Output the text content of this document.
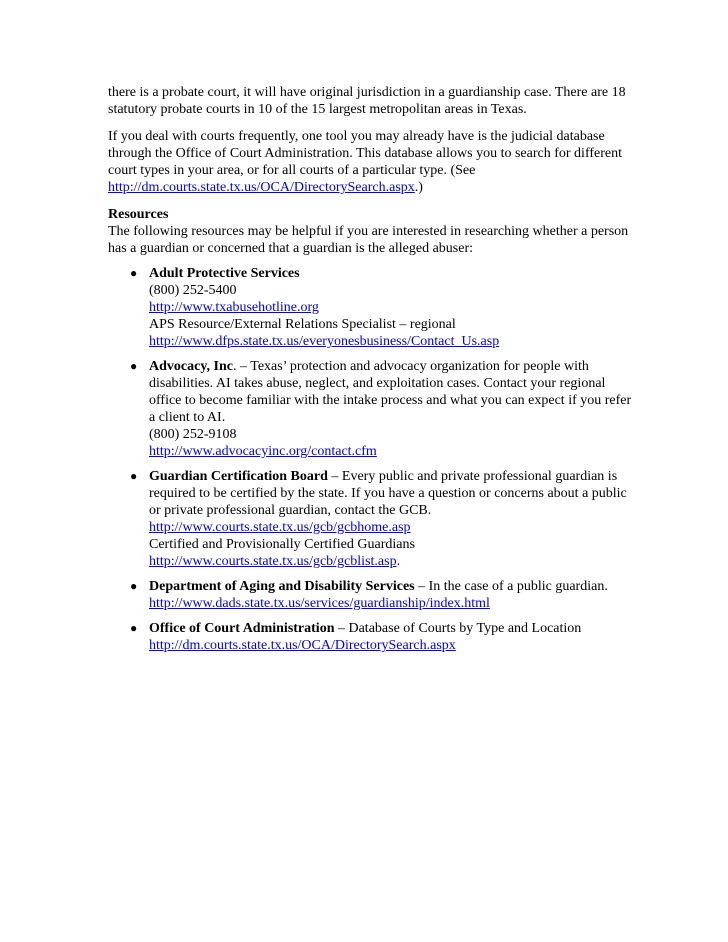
there is a probate court, it will have original jurisdiction in a guardianship case. There are 18 statutory probate courts in 10 of the 15 largest metropolitan areas in Texas.

If you deal with courts frequently, one tool you may already have is the judicial database through the Office of Court Administration. This database allows you to search for different court types in your area, or for all courts of a particular type. (See http://dm.courts.state.tx.us/OCA/DirectorySearch.aspx.)

Resources

The following resources may be helpful if you are interested in researching whether a person has a guardian or concerned that a guardian is the alleged abuser:

● Adult Protective Services
(800) 252-5400
http://www.txabusehotline.org
APS Resource/External Relations Specialist – regional
http://www.dfps.state.tx.us/everyonesbusiness/Contact_Us.asp
● Advocacy, Inc. – Texas’ protection and advocacy organization for people with disabilities. AI takes abuse, neglect, and exploitation cases. Contact your regional office to become familiar with the intake process and what you can expect if you refer a client to AI.
(800) 252-9108
http://www.advocacyinc.org/contact.cfm
● Guardian Certification Board – Every public and private professional guardian is required to be certified by the state. If you have a question or concerns about a public or private professional guardian, contact the GCB.
http://www.courts.state.tx.us/gcb/gcbhome.asp
Certified and Provisionally Certified Guardians
http://www.courts.state.tx.us/gcb/gcblist.asp.
● Department of Aging and Disability Services – In the case of a public guardian.
http://www.dads.state.tx.us/services/guardianship/index.html
● Office of Court Administration – Database of Courts by Type and Location
http://dm.courts.state.tx.us/OCA/DirectorySearch.aspx
